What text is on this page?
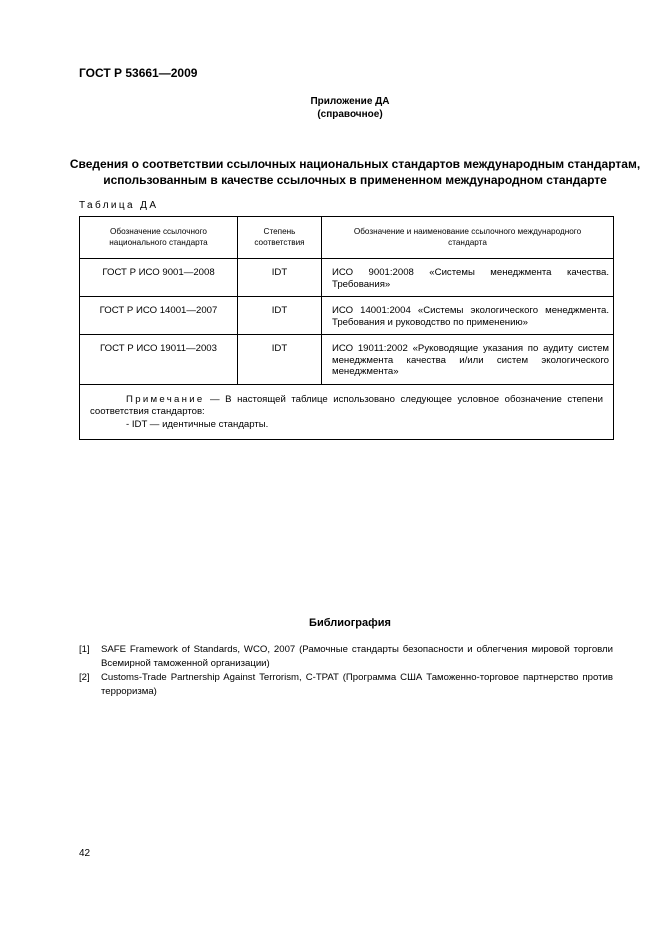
ГОСТ Р 53661—2009
Приложение ДА
(справочное)
Сведения о соответствии ссылочных национальных стандартов международным стандартам,
использованным в качестве ссылочных в примененном международном стандарте
Таблица ДА
Обозначение ссылочного национального стандарта	Степень соответствия	Обозначение и наименование ссылочного международного стандарта

ГОСТ Р ИСО 9001—2008	IDT	ИСО 9001:2008 «Системы менеджмента качества. Требования»
ГОСТ Р ИСО 14001—2007	IDT	ИСО 14001:2004 «Системы экологического менеджмента. Требования и руководство по применению»
ГОСТ Р ИСО 19011—2003	IDT	ИСО 19011:2002 «Руководящие указания по аудиту систем менеджмента качества и/или систем экологического менеджмента»

Примечание — В настоящей таблице использовано следующее условное обозначение степени соответствия стандартов:

- IDT — идентичные стандарты.		

Библиография
[1] SAFE Framework of Standards, WCO, 2007 (Рамочные стандарты безопасности и облегчения мировой торговли Всемирной таможенной организации)
[2] Customs-Trade Partnership Against Terrorism, C-TPAT (Программа США Таможенно-торговое партнерство против терроризма)
42
